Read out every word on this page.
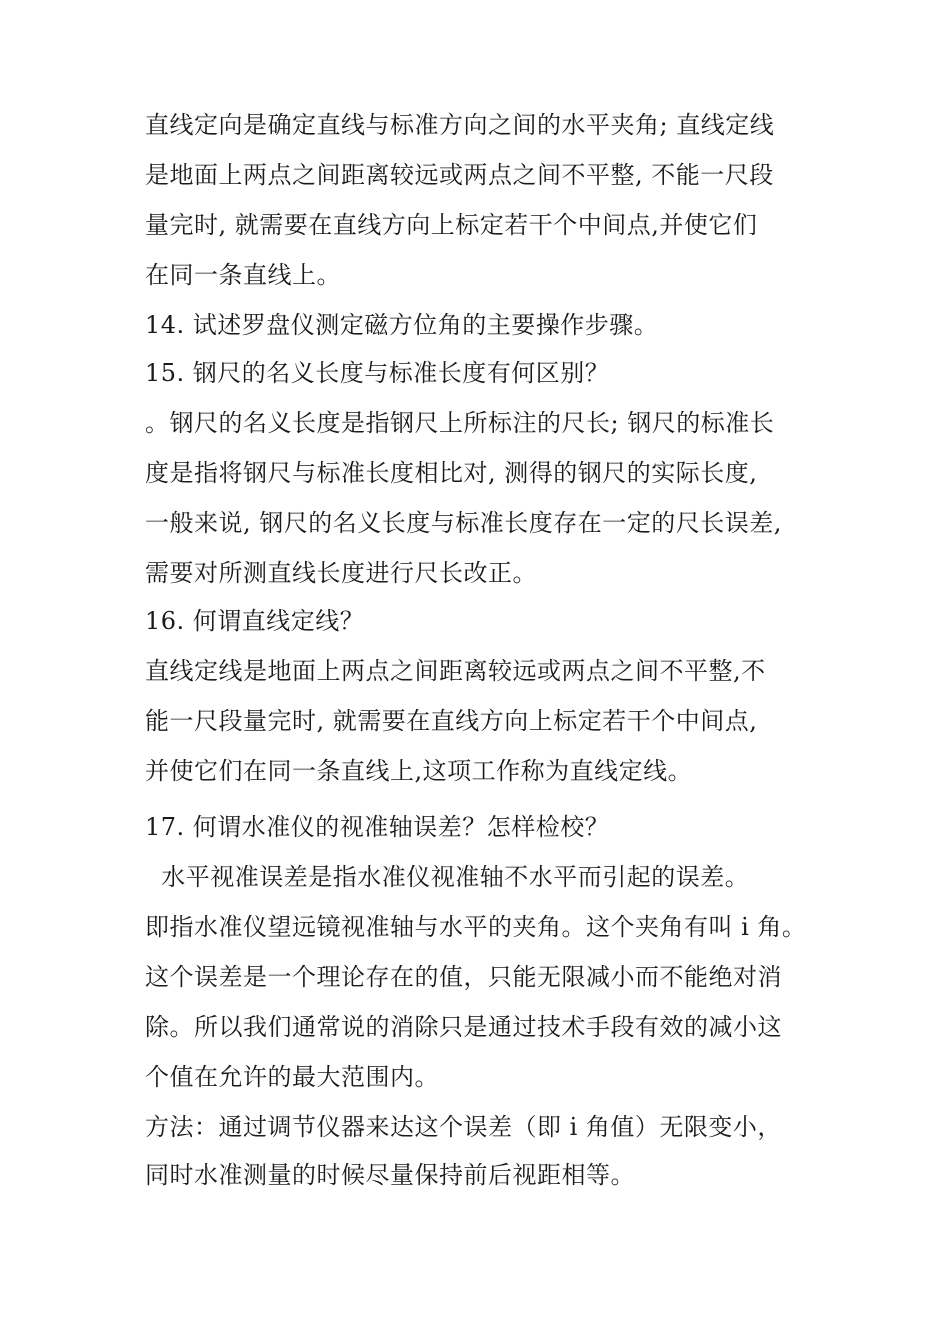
直线定向是确定直线与标准方向之间的水平夹角; 直线定线
是地面上两点之间距离较远或两点之间不平整, 不能一尺段
量完时, 就需要在直线方向上标定若干个中间点,并使它们
在同一条直线上。
14. 试述罗盘仪测定磁方位角的主要操作步骤。
15. 钢尺的名义长度与标准长度有何区别？
。钢尺的名义长度是指钢尺上所标注的尺长; 钢尺的标准长
度是指将钢尺与标准长度相比对, 测得的钢尺的实际长度,
一般来说, 钢尺的名义长度与标准长度存在一定的尺长误差,
需要对所测直线长度进行尺长改正。
16. 何谓直线定线？
直线定线是地面上两点之间距离较远或两点之间不平整,不
能一尺段量完时, 就需要在直线方向上标定若干个中间点,
并使它们在同一条直线上,这项工作称为直线定线。
17. 何谓水准仪的视准轴误差？怎样检校？
水平视准误差是指水准仪视准轴不水平而引起的误差。
即指水准仪望远镜视准轴与水平的夹角。这个夹角有叫 i 角。
这个误差是一个理论存在的值，只能无限减小而不能绝对消
除。所以我们通常说的消除只是通过技术手段有效的减小这
个值在允许的最大范围内。
方法：通过调节仪器来达这个误差（即 i 角值）无限变小，
同时水准测量的时候尽量保持前后视距相等。
